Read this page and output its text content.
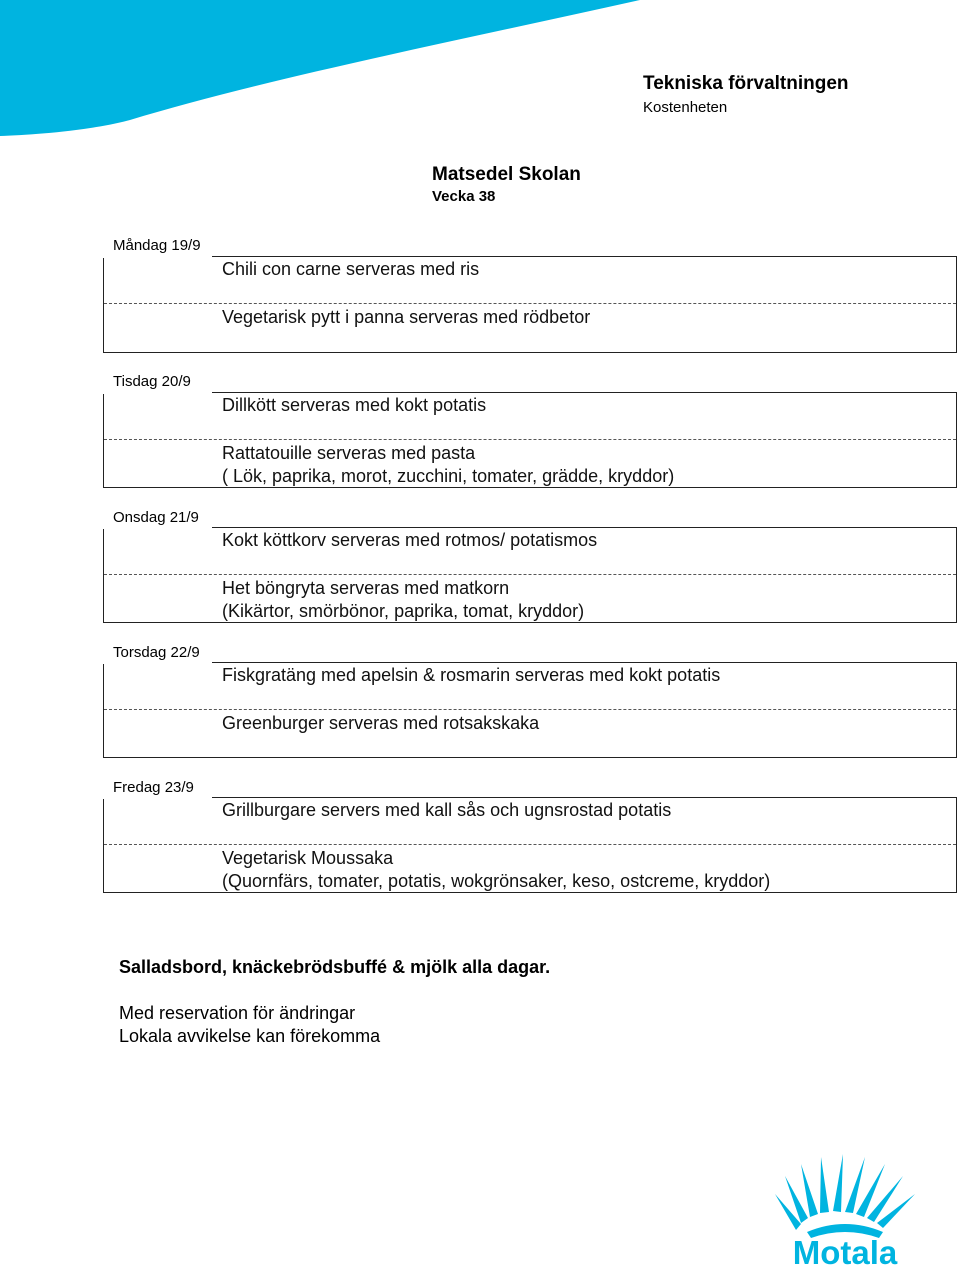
Tekniska förvaltningen
Kostenheten
Matsedel Skolan
Vecka 38
Måndag 19/9
Chili con carne serveras med ris
Vegetarisk pytt i panna serveras med rödbetor
Tisdag 20/9
Dillkött serveras med kokt potatis
Rattatouille serveras med pasta
( Lök, paprika, morot, zucchini, tomater, grädde, kryddor)
Onsdag 21/9
Kokt köttkorv serveras med rotmos/ potatismos
Het böngryta serveras med matkorn
(Kikärtor, smörbönor, paprika, tomat, kryddor)
Torsdag 22/9
Fiskgratäng med apelsin & rosmarin serveras med kokt potatis
Greenburger serveras med rotsakskaka
Fredag 23/9
Grillburgare servers med kall sås och ugnsrostad potatis
Vegetarisk Moussaka
(Quornfärs, tomater, potatis, wokgrönsaker, keso, ostcreme, kryddor)
Salladsbord, knäckebrödsbuffé & mjölk alla dagar.
Med reservation för ändringar
Lokala avvikelse kan förekomma
Motala
